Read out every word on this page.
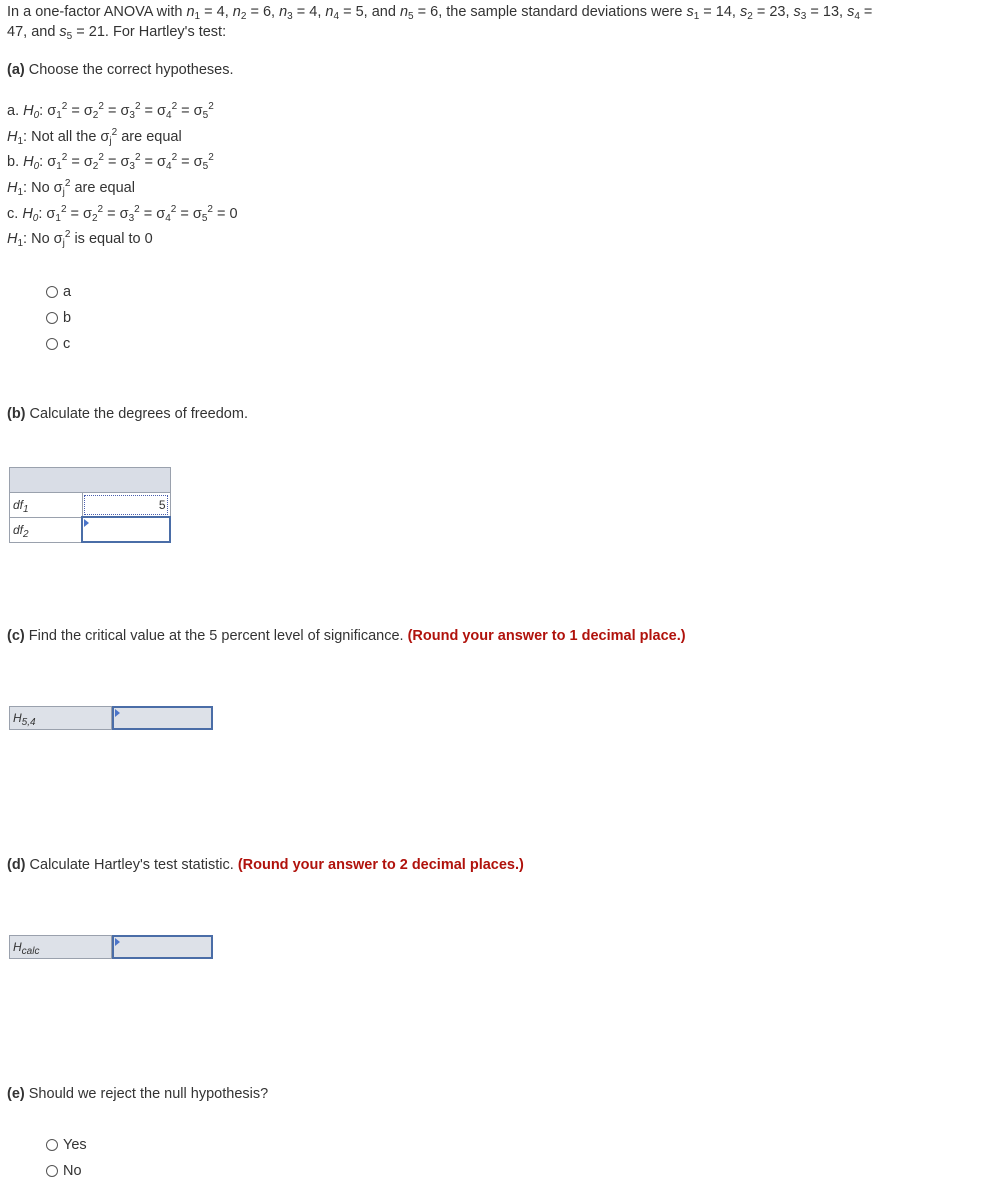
In a one-factor ANOVA with $n_1 = 4$, $n_2 = 6$, $n_3 = 4$, $n_4 = 5$, and $n_5 = 6$, the sample standard deviations were $s_1 = 14$, $s_2 = 23$, $s_3 = 13$, $s_4$ =
47, and $s_5 = 21$. For Hartley's test:
(a) Choose the correct hypotheses.
a. $H_0$: $\sigma_1^2 = \sigma_2^2 = \sigma_3^2 = \sigma_4^2 = \sigma_5^2$
$H_1$: Not all the $\sigma_j^2$ are equal
b. $H_0$: $\sigma_1^2 = \sigma_2^2 = \sigma_3^2 = \sigma_4^2 = \sigma_5^2$
$H_1$: No $\sigma_j^2$ are equal
c. $H_0$: $\sigma_1^2 = \sigma_2^2 = \sigma_3^2 = \sigma_4^2 = \sigma_5^2 = 0$
$H_1$: No $\sigma_j^2$ is equal to 0
a
b
c
(b) Calculate the degrees of freedom.

$df_1$	5
$df_2$	
(c) Find the critical value at the 5 percent level of significance. (Round your answer to 1 decimal place.)
$H_{5,4}$
(d) Calculate Hartley's test statistic. (Round your answer to 2 decimal places.)
$H_{calc}$
(e) Should we reject the null hypothesis?
Yes
No
